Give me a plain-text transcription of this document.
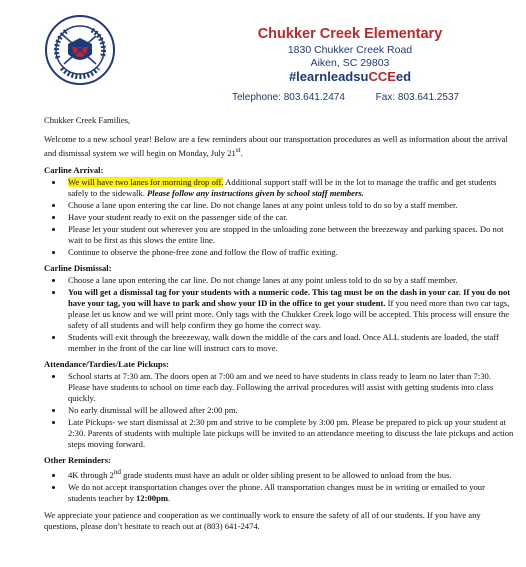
Chukker Creek Elementary
1830 Chukker Creek Road
Aiken, SC 29803
#learnleadsuCCEed
Telephone: 803.641.2474	Fax: 803.641.2537

Chukker Creek Families,

Welcome to a new school year! Below are a few reminders about our transportation procedures as well as information about the arrival and dismissal system we will begin on Monday, July 21st.

Carline Arrival:
• We will have two lanes for morning drop off. Additional support staff will be in the lot to manage the traffic and get students safely to the sidewalk. Please follow any instructions given by school staff members.
• Choose a lane upon entering the car line. Do not change lanes at any point unless told to do so by a staff member.
• Have your student ready to exit on the passenger side of the car.
• Please let your student out wherever you are stopped in the unloading zone between the breezeway and parking spaces. Do not wait to be first as this slows the entire line.
• Continue to observe the phone-free zone and follow the flow of traffic exiting.
Carline Dismissal:
• Choose a lane upon entering the car line. Do not change lanes at any point unless told to do so by a staff member.
• You will get a dismissal tag for your students with a numeric code. This tag must be on the dash in your car. If you do not have your tag, you will have to park and show your ID in the office to get your student. If you need more than two car tags, please let us know and we will print more. Only tags with the Chukker Creek logo will be accepted. This process will ensure the safety of all students and will help confirm they go home the correct way.
• Students will exit through the breezeway, walk down the middle of the cars and load. Once ALL students are loaded, the staff member in the front of the car line will instruct cars to move.
Attendance/Tardies/Late Pickups:
• School starts at 7:30 am. The doors open at 7:00 am and we need to have students in class ready to learn no later than 7:30. Please have students to school on time each day. Following the arrival procedures will assist with getting students into class quickly.
• No early dismissal will be allowed after 2:00 pm.
• Late Pickups- we start dismissal at 2:30 pm and strive to be complete by 3:00 pm. Please be prepared to pick up your student at 2:30. Parents of students with multiple late pickups will be invited to an attendance meeting to discuss the late pickups and action steps moving forward.
Other Reminders:
• 4K through 2nd grade students must have an adult or older sibling present to be allowed to unload from the bus.
• We do not accept transportation changes over the phone. All transportation changes must be in writing or emailed to your students teacher by 12:00pm.

We appreciate your patience and cooperation as we continually work to ensure the safety of all of our students. If you have any questions, please don’t hesitate to reach out at (803) 641-2474.
